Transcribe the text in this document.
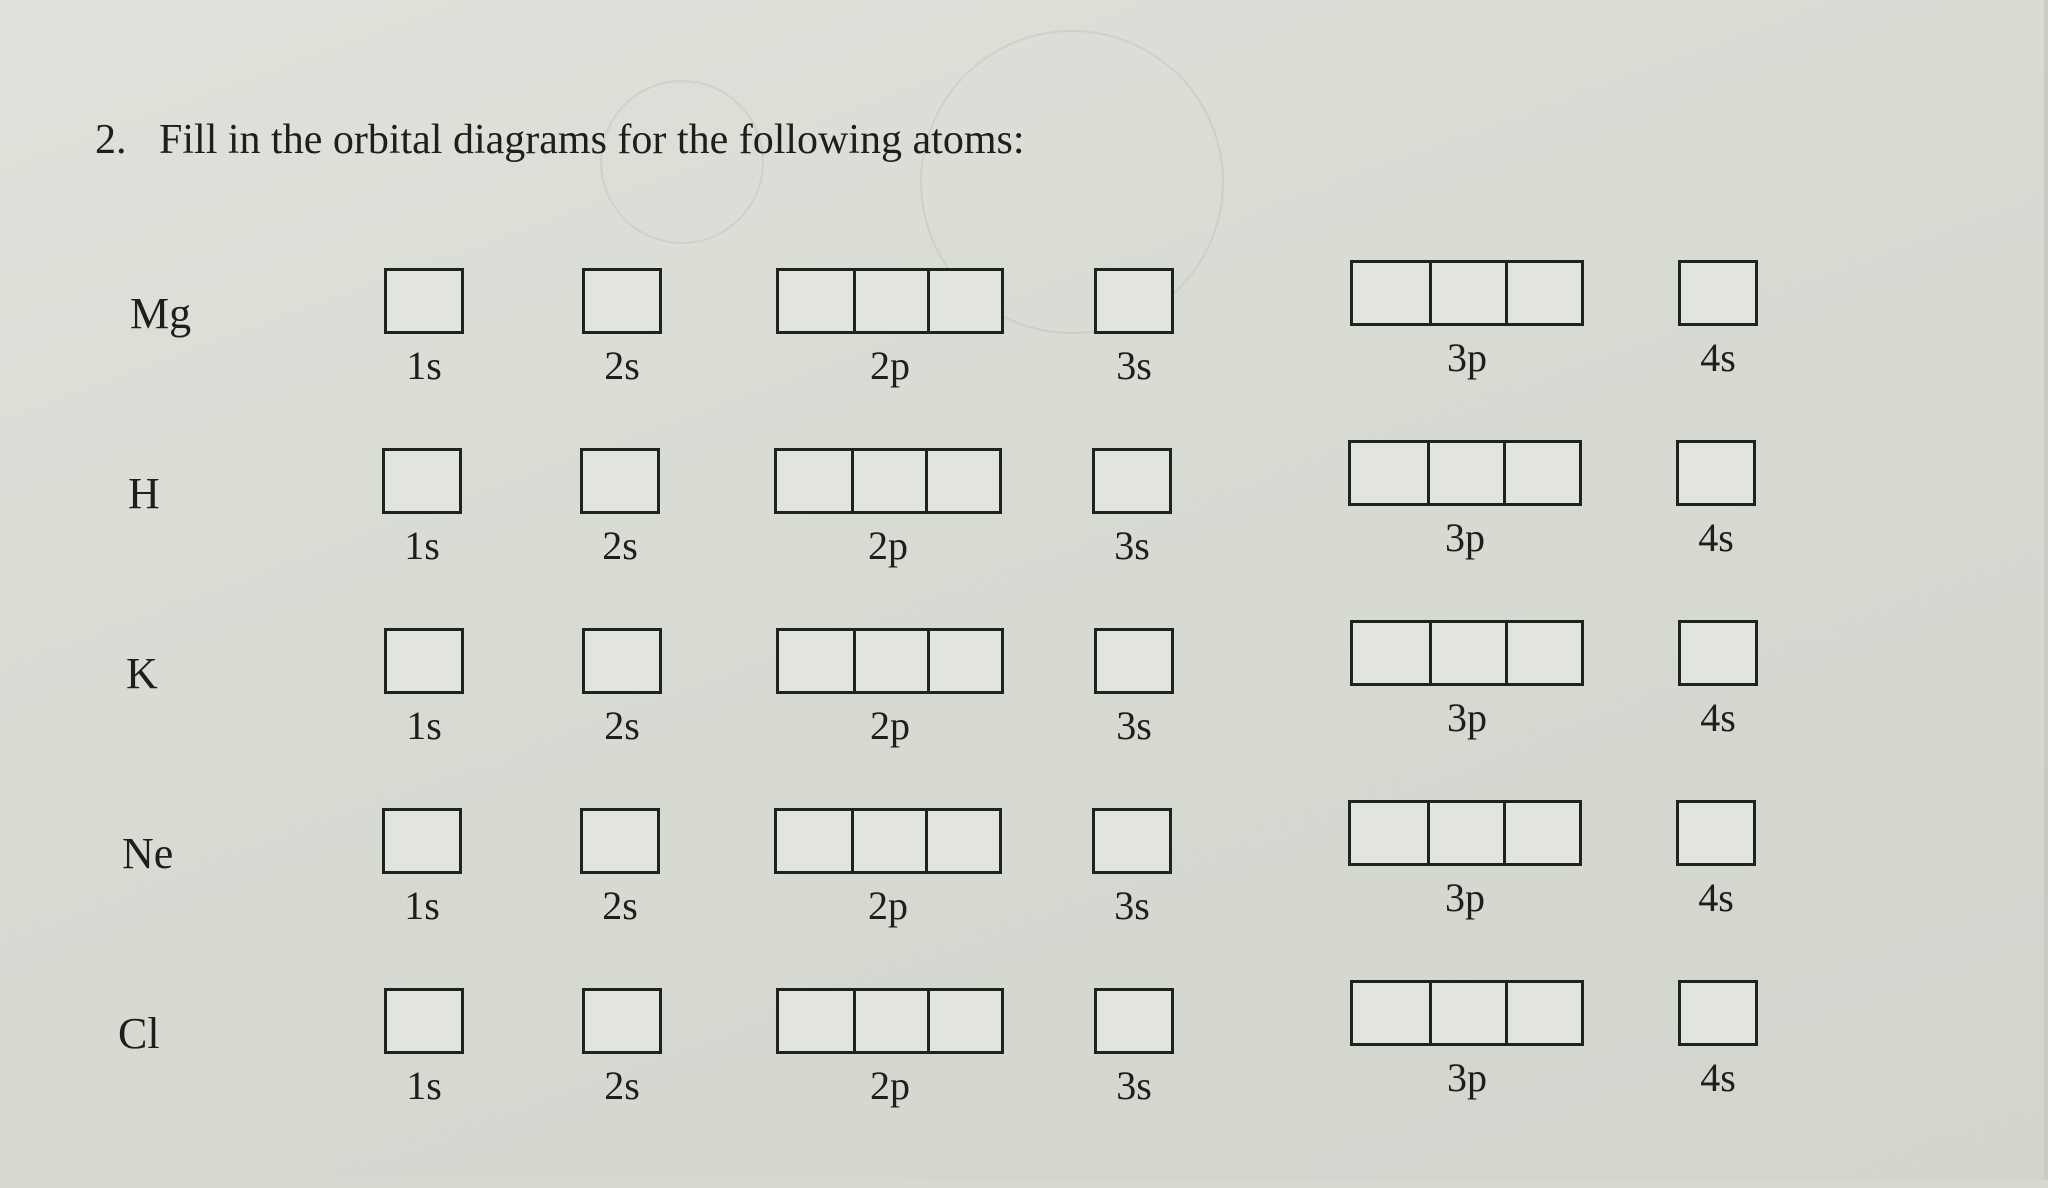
2. Fill in the orbital diagrams for the following atoms:
Mg
1s	2s	2p	3s	3p	4s
H
1s	2s	2p	3s	3p	4s
K
1s	2s	2p	3s	3p	4s
Ne
1s	2s	2p	3s	3p	4s
Cl
1s	2s	2p	3s	3p	4s
